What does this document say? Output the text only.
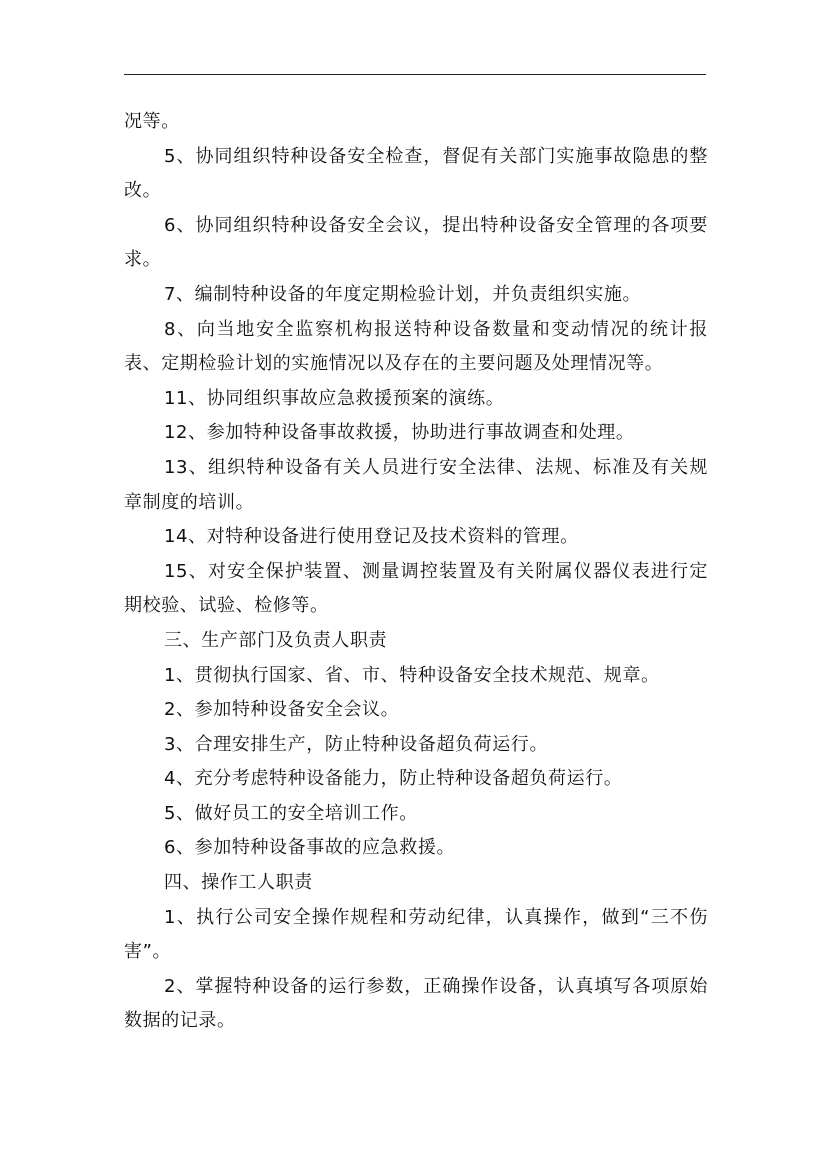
况等。

5、协同组织特种设备安全检查，督促有关部门实施事故隐患的整改。

6、协同组织特种设备安全会议，提出特种设备安全管理的各项要求。

7、编制特种设备的年度定期检验计划，并负责组织实施。

8、向当地安全监察机构报送特种设备数量和变动情况的统计报表、定期检验计划的实施情况以及存在的主要问题及处理情况等。

11、协同组织事故应急救援预案的演练。

12、参加特种设备事故救援，协助进行事故调查和处理。

13、组织特种设备有关人员进行安全法律、法规、标准及有关规章制度的培训。

14、对特种设备进行使用登记及技术资料的管理。

15、对安全保护装置、测量调控装置及有关附属仪器仪表进行定期校验、试验、检修等。

三、生产部门及负责人职责

1、贯彻执行国家、省、市、特种设备安全技术规范、规章。

2、参加特种设备安全会议。

3、合理安排生产，防止特种设备超负荷运行。

4、充分考虑特种设备能力，防止特种设备超负荷运行。

5、做好员工的安全培训工作。

6、参加特种设备事故的应急救援。

四、操作工人职责

1、执行公司安全操作规程和劳动纪律，认真操作，做到“三不伤害”。

2、掌握特种设备的运行参数，正确操作设备，认真填写各项原始数据的记录。
